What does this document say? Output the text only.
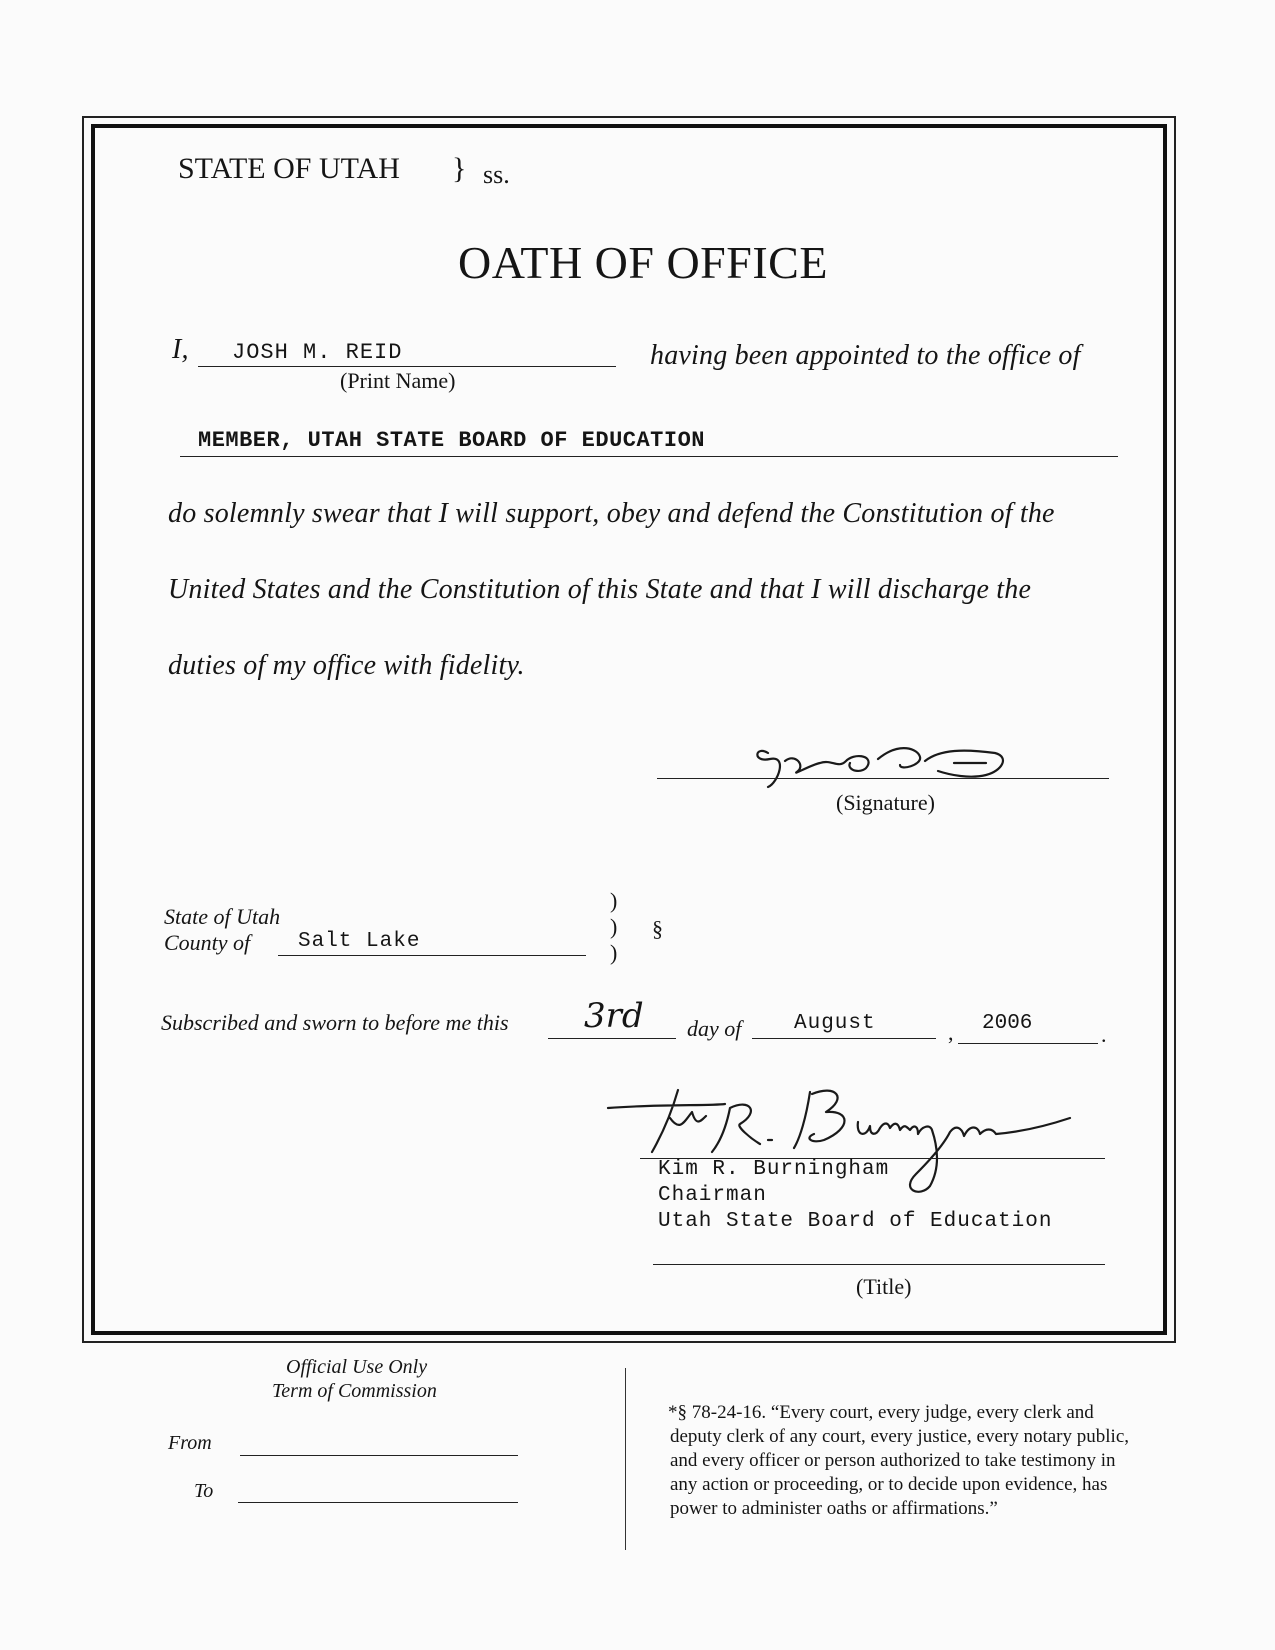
STATE OF UTAH } ss.
OATH OF OFFICE
I, JOSH M. REID
(Print Name)
having been appointed to the office of
MEMBER, UTAH STATE BOARD OF EDUCATION
do solemnly swear that I will support, obey and defend the Constitution of the
United States and the Constitution of this State and that I will discharge the
duties of my office with fidelity.
(Signature)
State of Utah
County of Salt Lake
)
)
)
§
Subscribed and sworn to before me this 3rd day of	August	, 2006	.
Kim R. Burningham
Chairman
Utah State Board of Education
(Title)
Official Use Only
Term of Commission
From
To
*§ 78-24-16. “Every court, every judge, every clerk and
deputy clerk of any court, every justice, every notary public,
and every officer or person authorized to take testimony in
any action or proceeding, or to decide upon evidence, has
power to administer oaths or affirmations.”
